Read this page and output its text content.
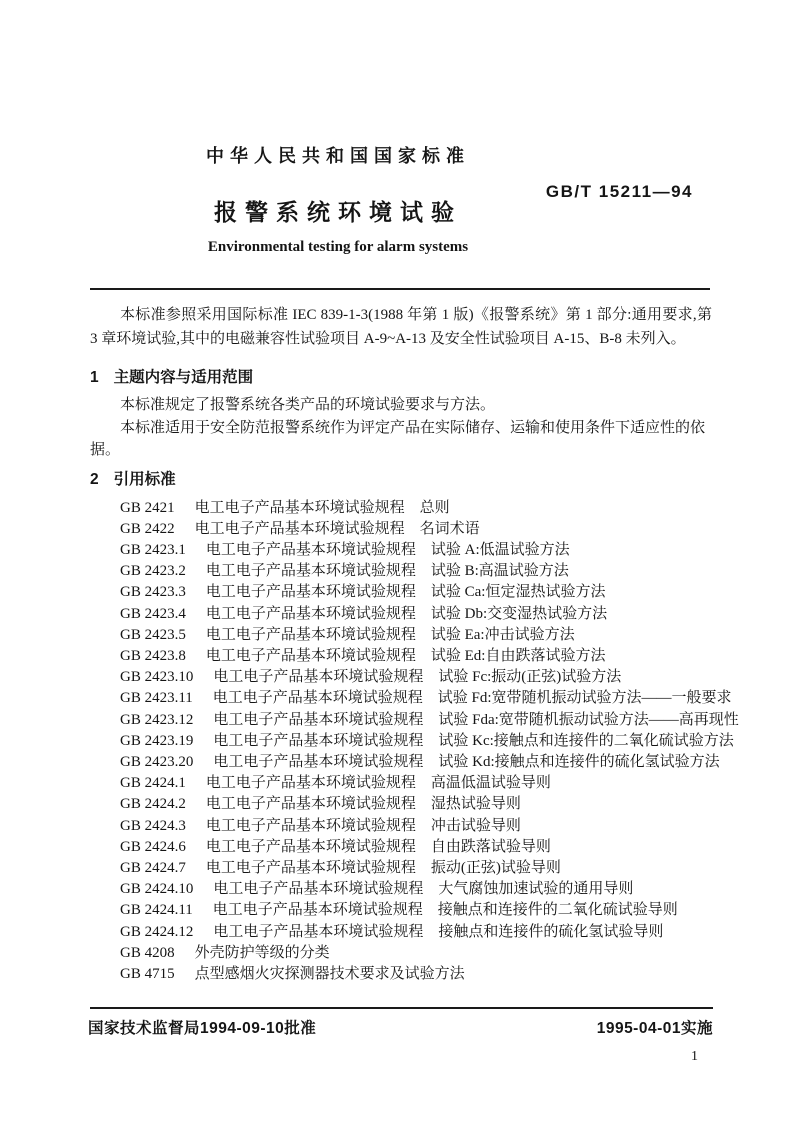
中华人民共和国国家标准
GB/T 15211—94
报警系统环境试验
Environmental testing for alarm systems

本标准参照采用国际标准 IEC 839-1-3(1988 年第 1 版)《报警系统》第 1 部分:通用要求,第 3 章环境试验,其中的电磁兼容性试验项目 A-9~A-13 及安全性试验项目 A-15、B-8 未列入。

1 主题内容与适用范围

本标准规定了报警系统各类产品的环境试验要求与方法。

本标准适用于安全防范报警系统作为评定产品在实际储存、运输和使用条件下适应性的依据。

2 引用标准
GB 2421 电工电子产品基本环境试验规程 总则
GB 2422 电工电子产品基本环境试验规程 名词术语
GB 2423.1 电工电子产品基本环境试验规程 试验 A:低温试验方法
GB 2423.2 电工电子产品基本环境试验规程 试验 B:高温试验方法
GB 2423.3 电工电子产品基本环境试验规程 试验 Ca:恒定湿热试验方法
GB 2423.4 电工电子产品基本环境试验规程 试验 Db:交变湿热试验方法
GB 2423.5 电工电子产品基本环境试验规程 试验 Ea:冲击试验方法
GB 2423.8 电工电子产品基本环境试验规程 试验 Ed:自由跌落试验方法
GB 2423.10 电工电子产品基本环境试验规程 试验 Fc:振动(正弦)试验方法
GB 2423.11 电工电子产品基本环境试验规程 试验 Fd:宽带随机振动试验方法——一般要求
GB 2423.12 电工电子产品基本环境试验规程 试验 Fda:宽带随机振动试验方法——高再现性
GB 2423.19 电工电子产品基本环境试验规程 试验 Kc:接触点和连接件的二氧化硫试验方法
GB 2423.20 电工电子产品基本环境试验规程 试验 Kd:接触点和连接件的硫化氢试验方法
GB 2424.1 电工电子产品基本环境试验规程 高温低温试验导则
GB 2424.2 电工电子产品基本环境试验规程 湿热试验导则
GB 2424.3 电工电子产品基本环境试验规程 冲击试验导则
GB 2424.6 电工电子产品基本环境试验规程 自由跌落试验导则
GB 2424.7 电工电子产品基本环境试验规程 振动(正弦)试验导则
GB 2424.10 电工电子产品基本环境试验规程 大气腐蚀加速试验的通用导则
GB 2424.11 电工电子产品基本环境试验规程 接触点和连接件的二氧化硫试验导则
GB 2424.12 电工电子产品基本环境试验规程 接触点和连接件的硫化氢试验导则
GB 4208 外壳防护等级的分类
GB 4715 点型感烟火灾探测器技术要求及试验方法
国家技术监督局1994-09-10批准	1995-04-01实施
1
